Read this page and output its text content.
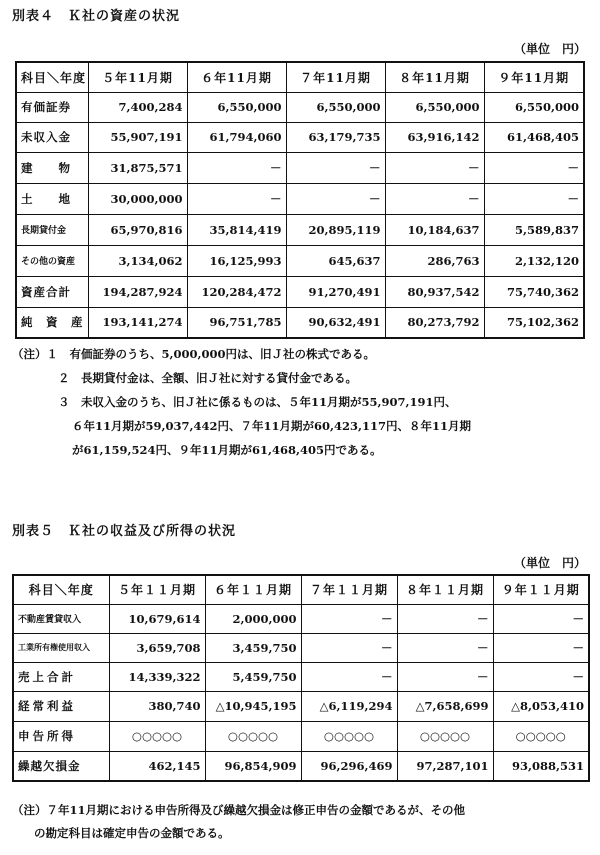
別表４　Ｋ社の資産の状況
（単位　円）
科目＼年度	５年11月期	６年11月期	７年11月期	８年11月期	９年11月期
有価証券	7,400,284	6,550,000	6,550,000	6,550,000	6,550,000
未収入金	55,907,191	61,794,060	63,179,735	63,916,142	61,468,405
建　　物	31,875,571	－	－	－	－
土　　地	30,000,000	－	－	－	－
長期貸付金	65,970,816	35,814,419	20,895,119	10,184,637	5,589,837
その他の資産	3,134,062	16,125,993	645,637	286,763	2,132,120
資産合計	194,287,924	120,284,472	91,270,491	80,937,542	75,740,362
純　資　産	193,141,274	96,751,785	90,632,491	80,273,792	75,102,362
（注）１　有価証券のうち、5,000,000円は、旧Ｊ社の株式である。
２　長期貸付金は、全額、旧Ｊ社に対する貸付金である。
３　未収入金のうち、旧Ｊ社に係るものは、５年11月期が55,907,191円、
６年11月期が59,037,442円、７年11月期が60,423,117円、８年11月期
が61,159,524円、９年11月期が61,468,405円である。
別表５　Ｋ社の収益及び所得の状況
（単位　円）
科目＼年度	５年１１月期	６年１１月期	７年１１月期	８年１１月期	９年１１月期
不動産賃貸収入	10,679,614	2,000,000	－	－	－
工業所有権使用収入	3,659,708	3,459,750	－	－	－
売上合計	14,339,322	5,459,750	－	－	－
経常利益	380,740	△10,945,195	△6,119,294	△7,658,699	△8,053,410
申告所得	○○○○○	○○○○○	○○○○○	○○○○○	○○○○○
繰越欠損金	462,145	96,854,909	96,296,469	97,287,101	93,088,531
（注）７年11月期における申告所得及び繰越欠損金は修正申告の金額であるが、その他
の勘定科目は確定申告の金額である。
